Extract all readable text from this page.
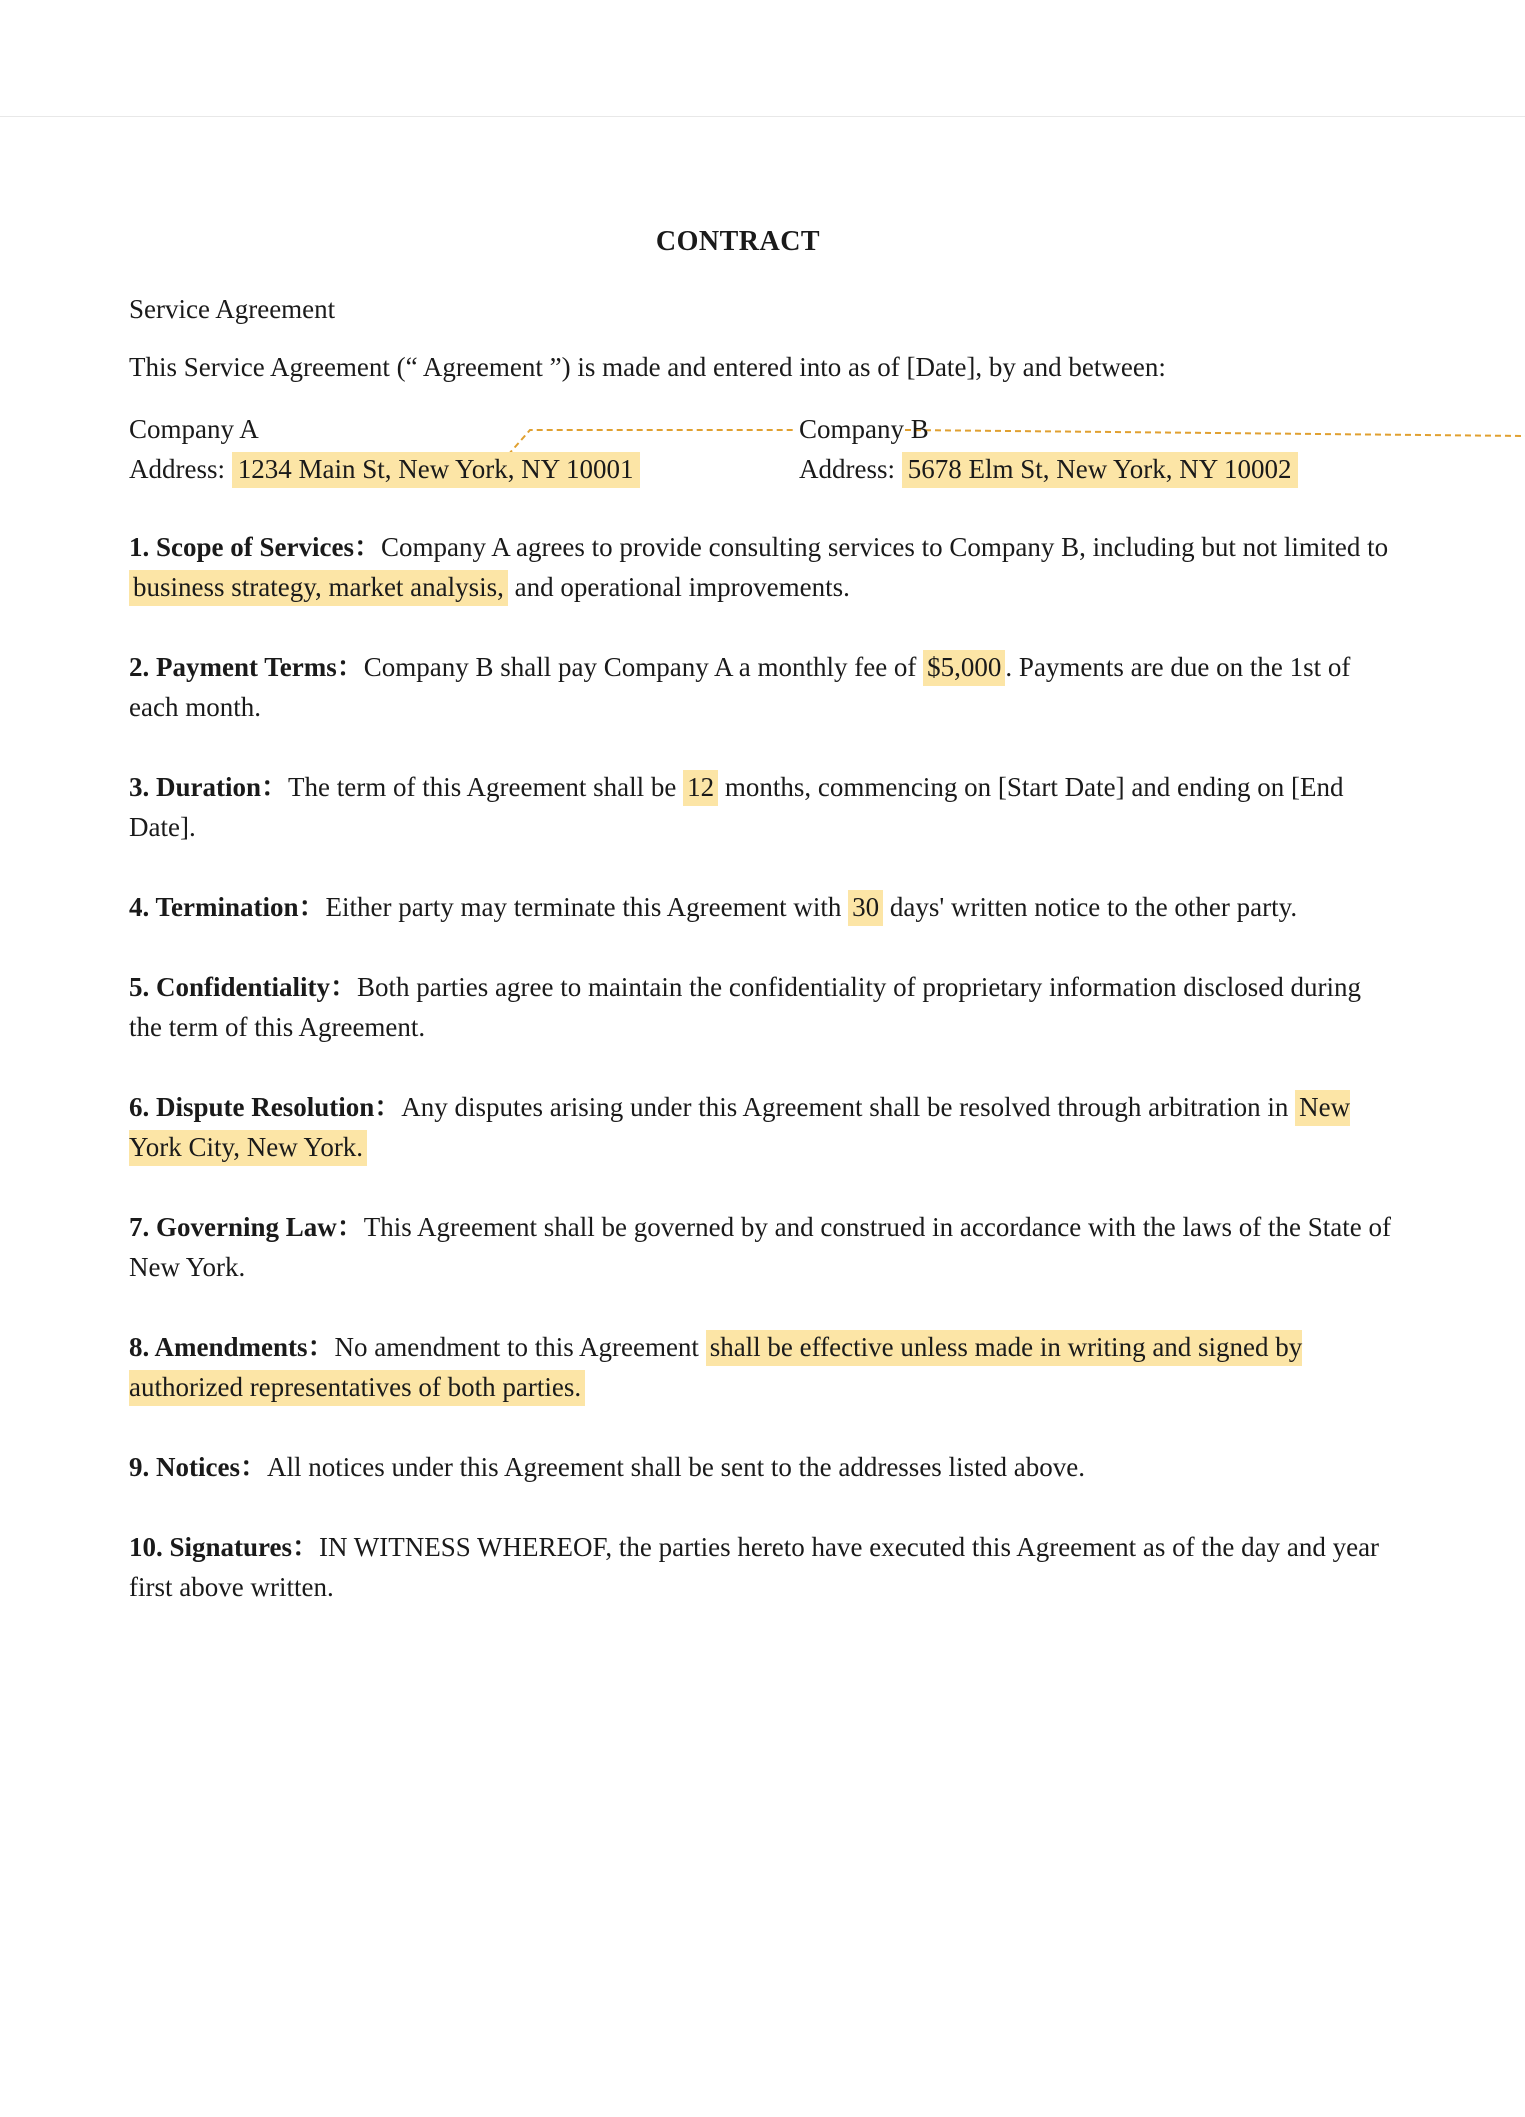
CONTRACT
Service Agreement
This Service Agreement (“ Agreement ”) is made and entered into as of [Date], by and between:
Company A
Address: 1234 Main St, New York, NY 10001
Company B
Address: 5678 Elm St, New York, NY 10002
1. Scope of Services：Company A agrees to provide consulting services to Company B, including but not limited to business strategy, market analysis, and operational improvements.
2. Payment Terms：Company B shall pay Company A a monthly fee of $5,000 . Payments are due on the 1st of each month.
3. Duration：The term of this Agreement shall be 12 months, commencing on [Start Date] and ending on [End Date].
4. Termination：Either party may terminate this Agreement with 30 days' written notice to the other party.
5. Confidentiality：Both parties agree to maintain the confidentiality of proprietary information disclosed during the term of this Agreement.
6. Dispute Resolution：Any disputes arising under this Agreement shall be resolved through arbitration in New York City, New York.
7. Governing Law：This Agreement shall be governed by and construed in accordance with the laws of the State of New York.
8. Amendments：No amendment to this Agreement shall be effective unless made in writing and signed by authorized representatives of both parties.
9. Notices：All notices under this Agreement shall be sent to the addresses listed above.
10. Signatures：IN WITNESS WHEREOF, the parties hereto have executed this Agreement as of the day and year first above written.
